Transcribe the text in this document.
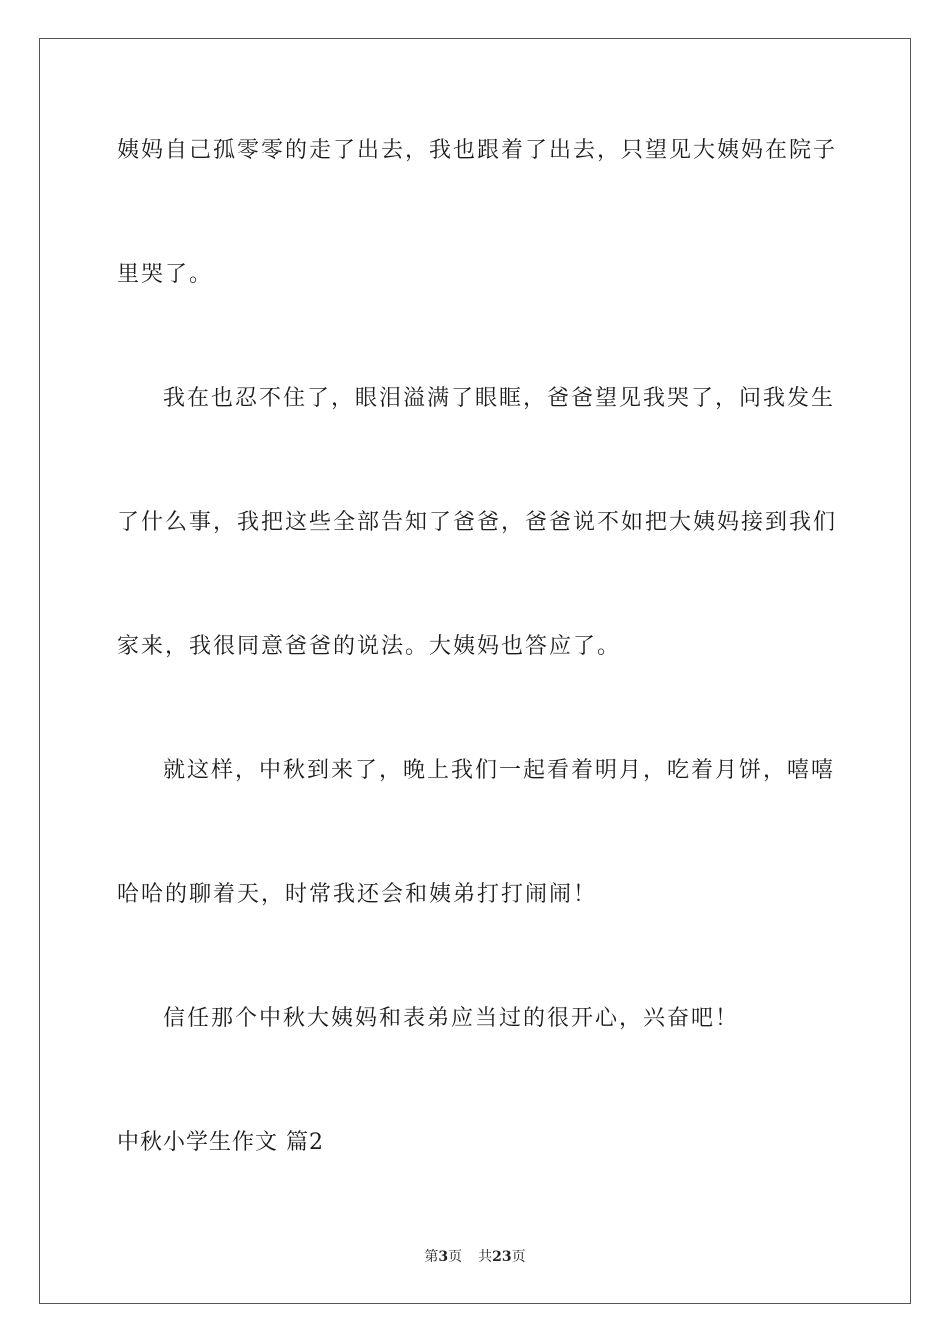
姨妈自己孤零零的走了出去，我也跟着了出去，只望见大姨妈在院子
里哭了。
我在也忍不住了，眼泪溢满了眼眶，爸爸望见我哭了，问我发生
了什么事，我把这些全部告知了爸爸，爸爸说不如把大姨妈接到我们
家来，我很同意爸爸的说法。大姨妈也答应了。
就这样，中秋到来了，晚上我们一起看着明月，吃着月饼，嘻嘻
哈哈的聊着天，时常我还会和姨弟打打闹闹！
信任那个中秋大姨妈和表弟应当过的很开心，兴奋吧！
中秋小学生作文 篇2
第3页 共23页
